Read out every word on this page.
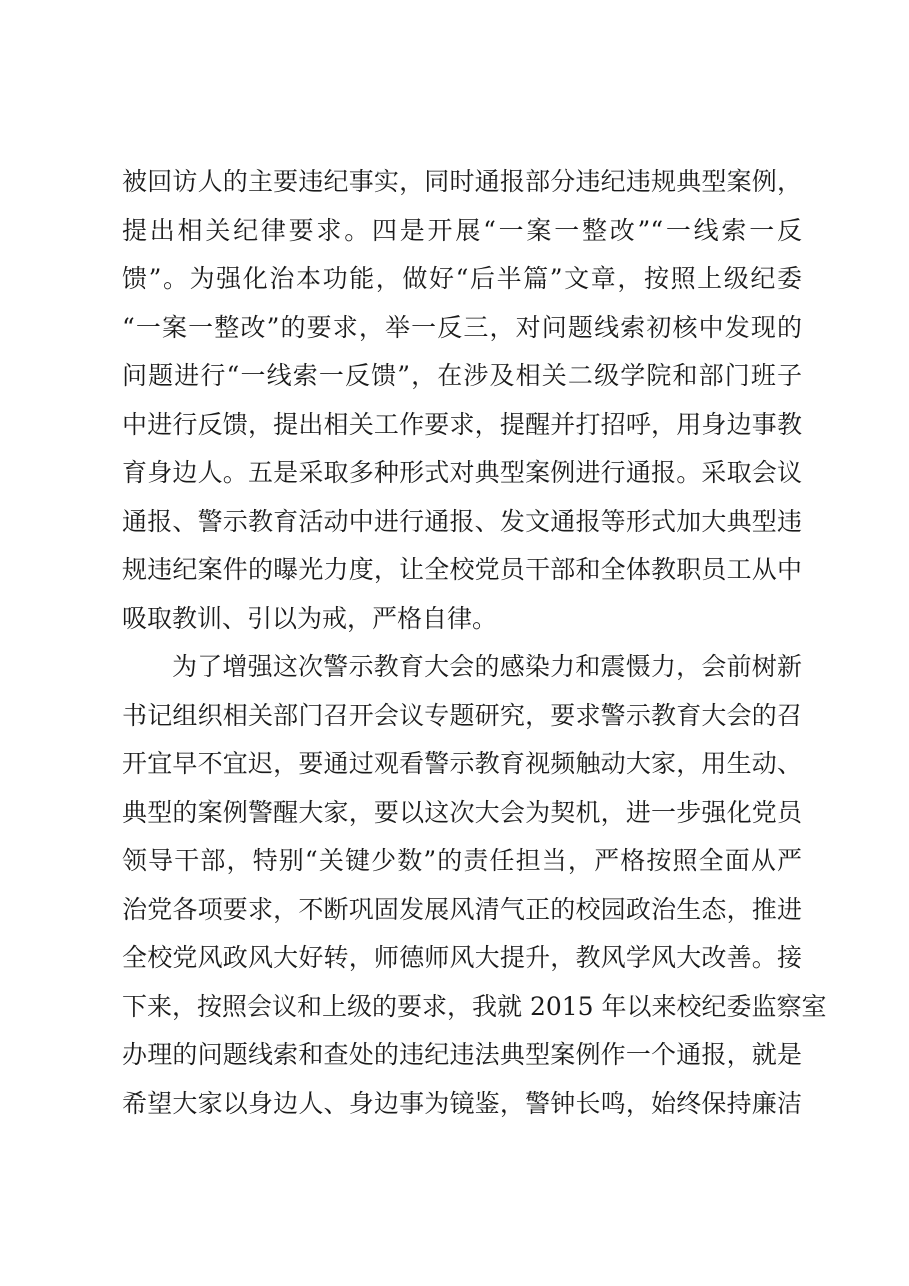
被回访人的主要违纪事实，同时通报部分违纪违规典型案例，
提出相关纪律要求。四是开展“一案一整改”“一线索一反
馈”。为强化治本功能，做好“后半篇”文章，按照上级纪委
“一案一整改”的要求，举一反三，对问题线索初核中发现的
问题进行“一线索一反馈”，在涉及相关二级学院和部门班子
中进行反馈，提出相关工作要求，提醒并打招呼，用身边事教
育身边人。五是采取多种形式对典型案例进行通报。采取会议
通报、警示教育活动中进行通报、发文通报等形式加大典型违
规违纪案件的曝光力度，让全校党员干部和全体教职员工从中
吸取教训、引以为戒，严格自律。
为了增强这次警示教育大会的感染力和震慑力，会前树新
书记组织相关部门召开会议专题研究，要求警示教育大会的召
开宜早不宜迟，要通过观看警示教育视频触动大家，用生动、
典型的案例警醒大家，要以这次大会为契机，进一步强化党员
领导干部，特别“关键少数”的责任担当，严格按照全面从严
治党各项要求，不断巩固发展风清气正的校园政治生态，推进
全校党风政风大好转，师德师风大提升，教风学风大改善。接
下来，按照会议和上级的要求，我就 2015 年以来校纪委监察室
办理的问题线索和查处的违纪违法典型案例作一个通报，就是
希望大家以身边人、身边事为镜鉴，警钟长鸣，始终保持廉洁
